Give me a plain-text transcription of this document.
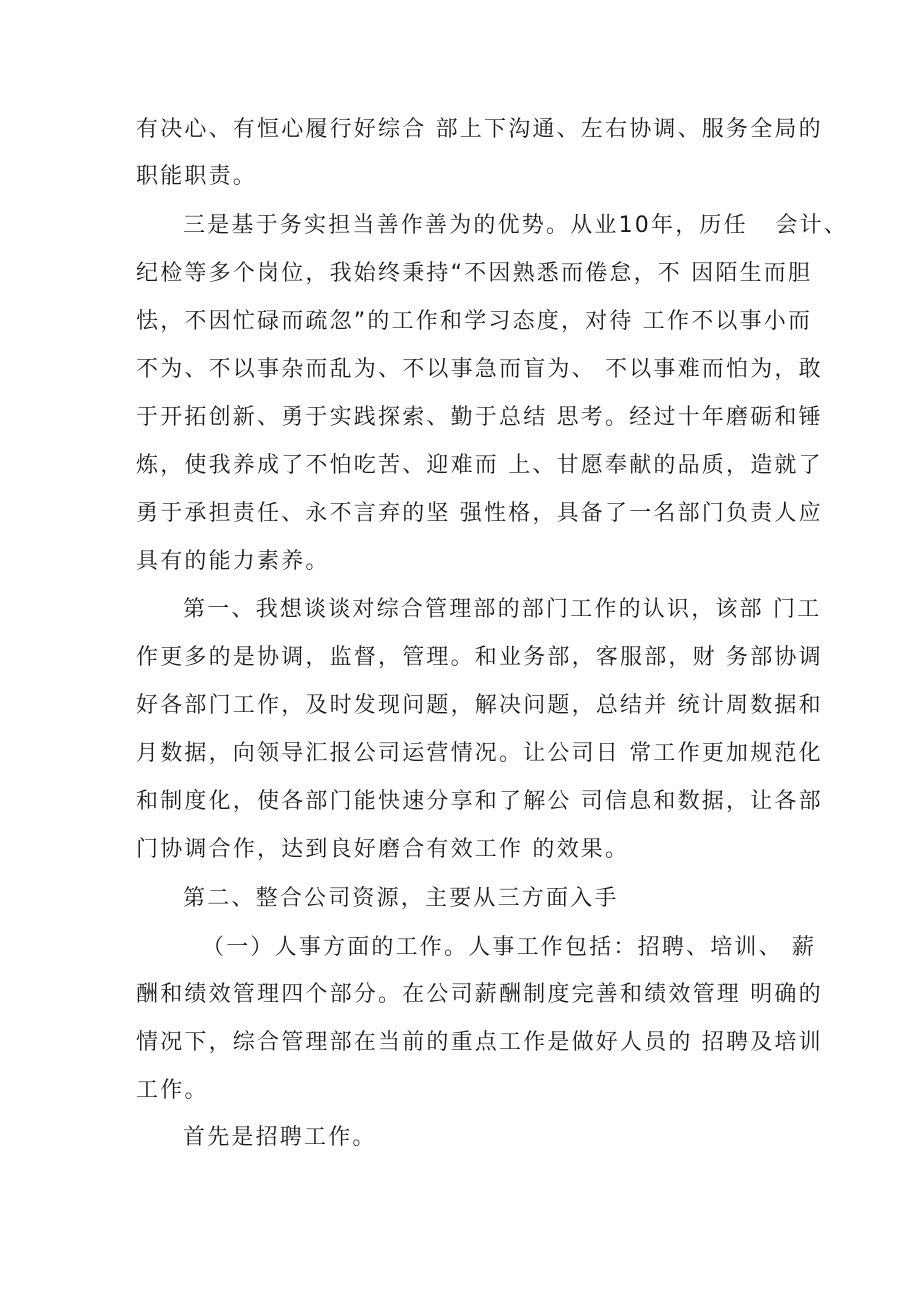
有决心、有恒心履行好综合 部上下沟通、左右协调、服务全局的
职能职责。
三是基于务实担当善作善为的优势。从业10年，历任   会计、
纪检等多个岗位，我始终秉持“不因熟悉而倦怠，不 因陌生而胆
怯，不因忙碌而疏忽”的工作和学习态度，对待 工作不以事小而
不为、不以事杂而乱为、不以事急而盲为、 不以事难而怕为，敢
于开拓创新、勇于实践探索、勤于总结 思考。经过十年磨砺和锤
炼，使我养成了不怕吃苦、迎难而 上、甘愿奉献的品质，造就了
勇于承担责任、永不言弃的坚 强性格，具备了一名部门负责人应
具有的能力素养。
第一、我想谈谈对综合管理部的部门工作的认识，该部 门工
作更多的是协调，监督，管理。和业务部，客服部，财 务部协调
好各部门工作，及时发现问题，解决问题，总结并 统计周数据和
月数据，向领导汇报公司运营情况。让公司日 常工作更加规范化
和制度化，使各部门能快速分享和了解公 司信息和数据，让各部
门协调合作，达到良好磨合有效工作 的效果。
第二、整合公司资源，主要从三方面入手
（一）人事方面的工作。人事工作包括：招聘、培训、 薪
酬和绩效管理四个部分。在公司薪酬制度完善和绩效管理 明确的
情况下，综合管理部在当前的重点工作是做好人员的 招聘及培训
工作。
首先是招聘工作。
